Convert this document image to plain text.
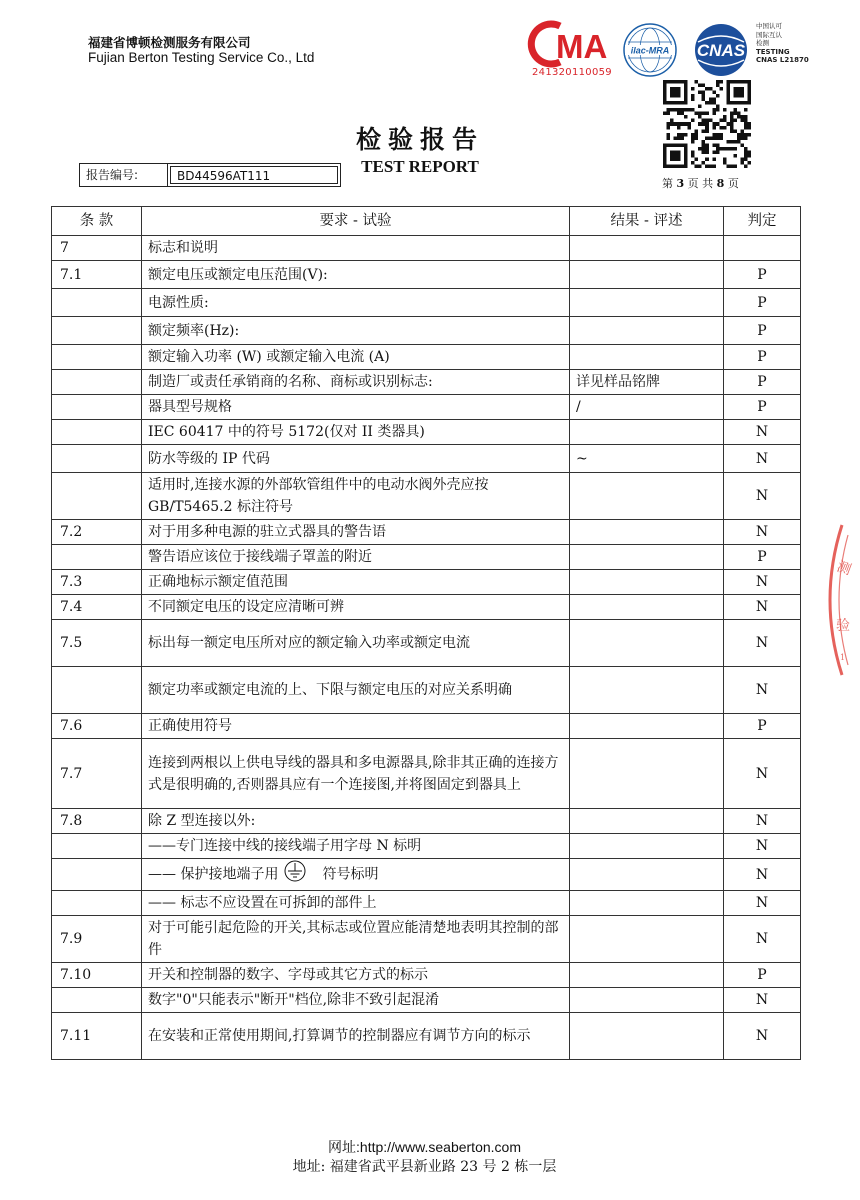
福建省博顿检测服务有限公司
Fujian Berton Testing Service Co., Ltd	MA
241320110059
ilac-MRA CNAS
中国认可
国际互认
检测
TESTING
CNAS L21870
检验报告
TEST REPORT
报告编号:	BD44596AT111
第 3 页 共 8 页
条 款	要求 - 试验	结果 - 评述	判定
7	标志和说明		
7.1	额定电压或额定电压范围(V):		P
	电源性质:		P
	额定频率(Hz):		P
	额定输入功率 (W) 或额定输入电流 (A)		P
	制造厂或责任承销商的名称、商标或识别标志:	详见样品铭牌	P
	器具型号规格	/	P
	IEC 60417 中的符号 5172(仅对 II 类器具)		N
	防水等级的 IP 代码	~	N
	适用时,连接水源的外部软管组件中的电动水阀外壳应按 GB/T5465.2 标注符号		N
7.2	对于用多种电源的驻立式器具的警告语		N
	警告语应该位于接线端子罩盖的附近		P
7.3	正确地标示额定值范围		N
7.4	不同额定电压的设定应清晰可辨		N
7.5	标出每一额定电压所对应的额定输入功率或额定电流		N
	额定功率或额定电流的上、下限与额定电压的对应关系明确		N
7.6	正确使用符号		P
7.7	连接到两根以上供电导线的器具和多电源器具,除非其正确的连接方式是很明确的,否则器具应有一个连接图,并将图固定到器具上		N
7.8	除 Z 型连接以外:		N
	——专门连接中线的接线端子用字母 N 标明		N
	—— 保护接地端子用 符号标明		N
	—— 标志不应设置在可拆卸的部件上		N
7.9	对于可能引起危险的开关,其标志或位置应能清楚地表明其控制的部件		N
7.10	开关和控制器的数字、字母或其它方式的标示		P
	数字"0"只能表示"断开"档位,除非不致引起混淆		N
7.11	在安装和正常使用期间,打算调节的控制器应有调节方向的标示		N
测
验
1
网址:http://www.seaberton.com
地址: 福建省武平县新业路 23 号 2 栋一层
